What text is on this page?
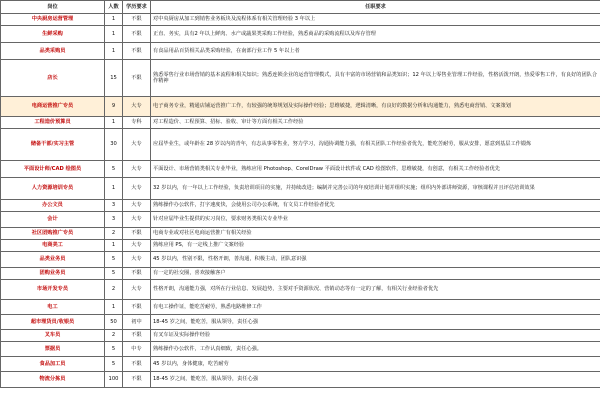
岗位	人数	学历要求	任职要求
中央厨房运营管理	1	不限	对中央厨房从加工到销售业务板块及流程体系有相关管理经验 3 年以上
生鲜采购	1	不限	正直、务实，具有2 年以上鲜肉、水产或蔬果类采购工作经验，熟悉商品的采购流程以及库存管理
品类采购员	1	不限	有食品用品百货相关品类采购经验，在南部行业工作 5 年以上者
店长	15	不限	熟悉零售行业市场营销的基本流程和相关知识；熟悉连锁企业的运营管理模式，具有丰富的市场营销和品类知识；12 年以上零售业管理工作经验，性格活泼开朗，热爱零售工作，有良好的团队合作精神
电商运营推广专员	9	大专	电子商务专业，精通店铺运营推广工作，有较强的统筹规划及实际操作经验；思维敏捷，逻辑清晰，有良好的数据分析和沟通能力，熟悉电商营销、文案策划
工程造价预算员	1	专科	对工程造价、工程预算、招标、验收、审计等方面有相关工作经验
储备干部/实习主管	30	大专	应届毕业生，或年龄在 28 岁以内的青年，有志从事零售业，努力学习，沟通协调能力强，有相关团队工作经验者优先，能吃苦耐劳，服从安排，愿意到基层工作锻炼
平面设计师/CAD 绘图员	5	大专	平面设计、市场营销类相关专业毕业，熟练应用 Photoshop、CorelDraw 平面设计软件或 CAD 绘图软件，思维敏捷，有创意，有相关工作经验者优先
人力资源培训专员	1	大专	32 岁以内，有一年以上工作经验，负责培训项目的实施，并持续改进；编制并完善公司的年度培训计划并组织实施；组织内外部讲师资源，审核课程并且评估培训效果
办公文员	3	大专	熟练操作办公软件，打字速度快，会使用公司办公系统，有文员工作经验者优先
会计	3	大专	针对应届毕业生提供的实习岗位，要求财务类相关专业毕业
社区团购推广专员	2	不限	电商专业或对社区电商运营推广有相关经验
电商美工	1	大专	熟练应用 PS，有一定线上推广文案经验
品类业务员	5	大专	45 岁以内，性别不限，性格开朗，善沟通，积极主动，团队意识强
团购业务员	5	不限	有一定的社交圈，喜欢接触客户
市场开发专员	2	大专	性格开朗，沟通能力强，对所在行业信息、发展趋势，主要对手资源状况、营销动态等有一定的了解，有相关行业经验者优先
电工	1	不限	有电工操作证，能吃苦耐劳，熟悉电路维修工作
超市理货员/收银员	50	初中	18-45 岁之间，能吃苦，服从领导，责任心强
叉车员	2	不限	有叉车证及实际操作经验
票据员	5	中专	熟练操作办公软件，工作认真细致，责任心强。
食品加工员	5	不限	45 岁以内，身体健康，吃苦耐劳
物流分拣员	100	不限	18-45 岁之间，能吃苦，服从领导，责任心强
